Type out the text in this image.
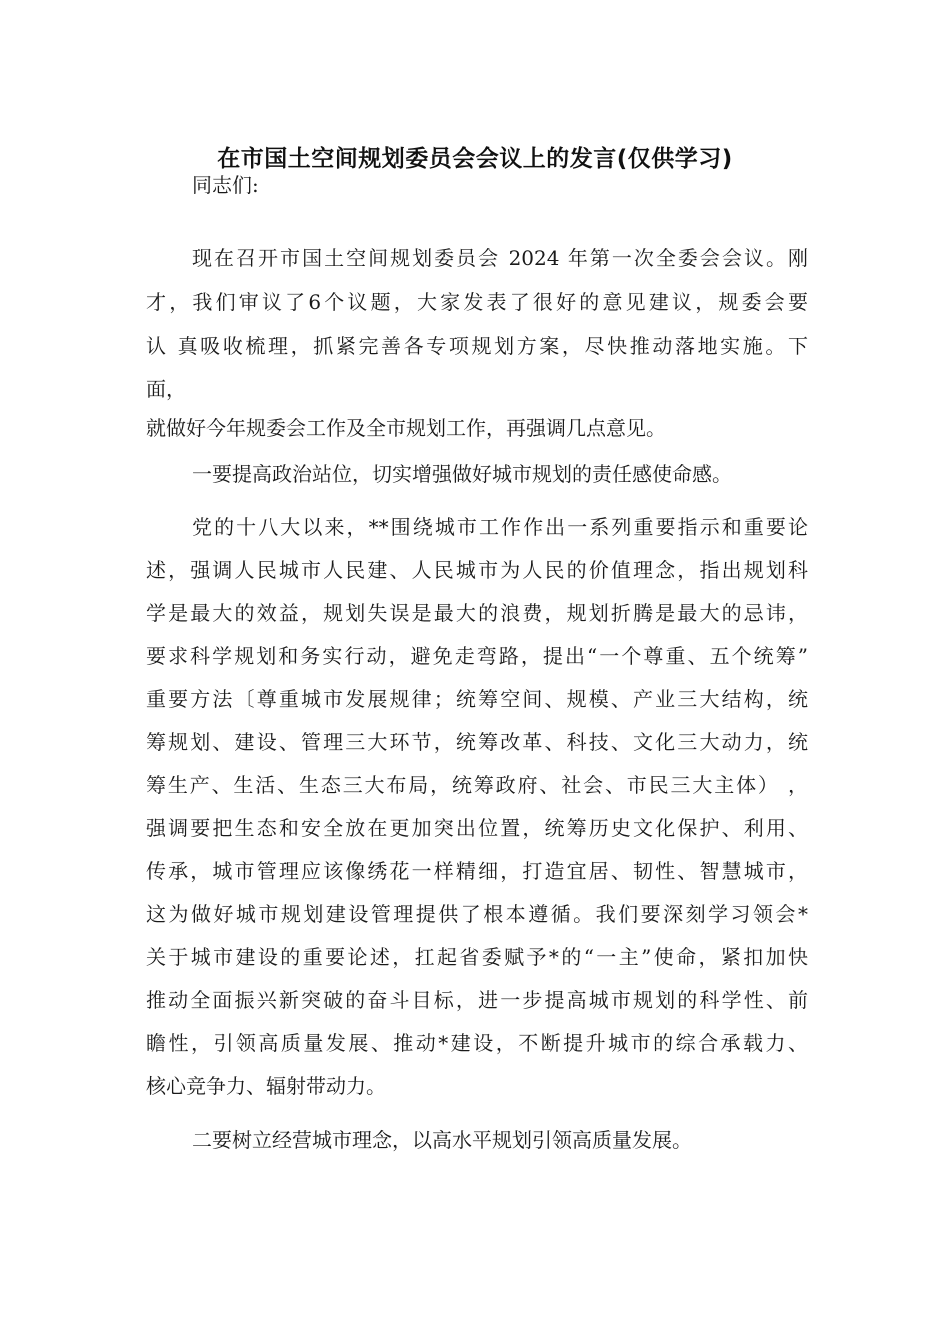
在市国土空间规划委员会会议上的发言(仅供学习)
同志们:
现在召开市国土空间规划委员会 2024 年第一次全委会会议。刚
才，我们审议了6个议题，大家发表了很好的意见建议，规委会要
认 真吸收梳理，抓紧完善各专项规划方案，尽快推动落地实施。下
面，
就做好今年规委会工作及全市规划工作，再强调几点意见。
一要提高政治站位，切实增强做好城市规划的责任感使命感。
党的十八大以来，**围绕城市工作作出一系列重要指示和重要论
述，强调人民城市人民建、人民城市为人民的价值理念，指出规划科
学是最大的效益，规划失误是最大的浪费，规划折腾是最大的忌讳，
要求科学规划和务实行动，避免走弯路，提出“一个尊重、五个统筹”
重要方法〔尊重城市发展规律；统筹空间、规模、产业三大结构，统
筹规划、建设、管理三大环节，统筹改革、科技、文化三大动力，统
筹生产、生活、生态三大布局，统筹政府、社会、市民三大主体） ，
强调要把生态和安全放在更加突出位置，统筹历史文化保护、利用、
传承，城市管理应该像绣花一样精细，打造宜居、韧性、智慧城市，
这为做好城市规划建设管理提供了根本遵循。我们要深刻学习领会*
关于城市建设的重要论述，扛起省委赋予*的“一主”使命，紧扣加快
推动全面振兴新突破的奋斗目标，进一步提高城市规划的科学性、前
瞻性，引领高质量发展、推动*建设，不断提升城市的综合承载力、
核心竞争力、辐射带动力。
二要树立经营城市理念，以高水平规划引领高质量发展。
